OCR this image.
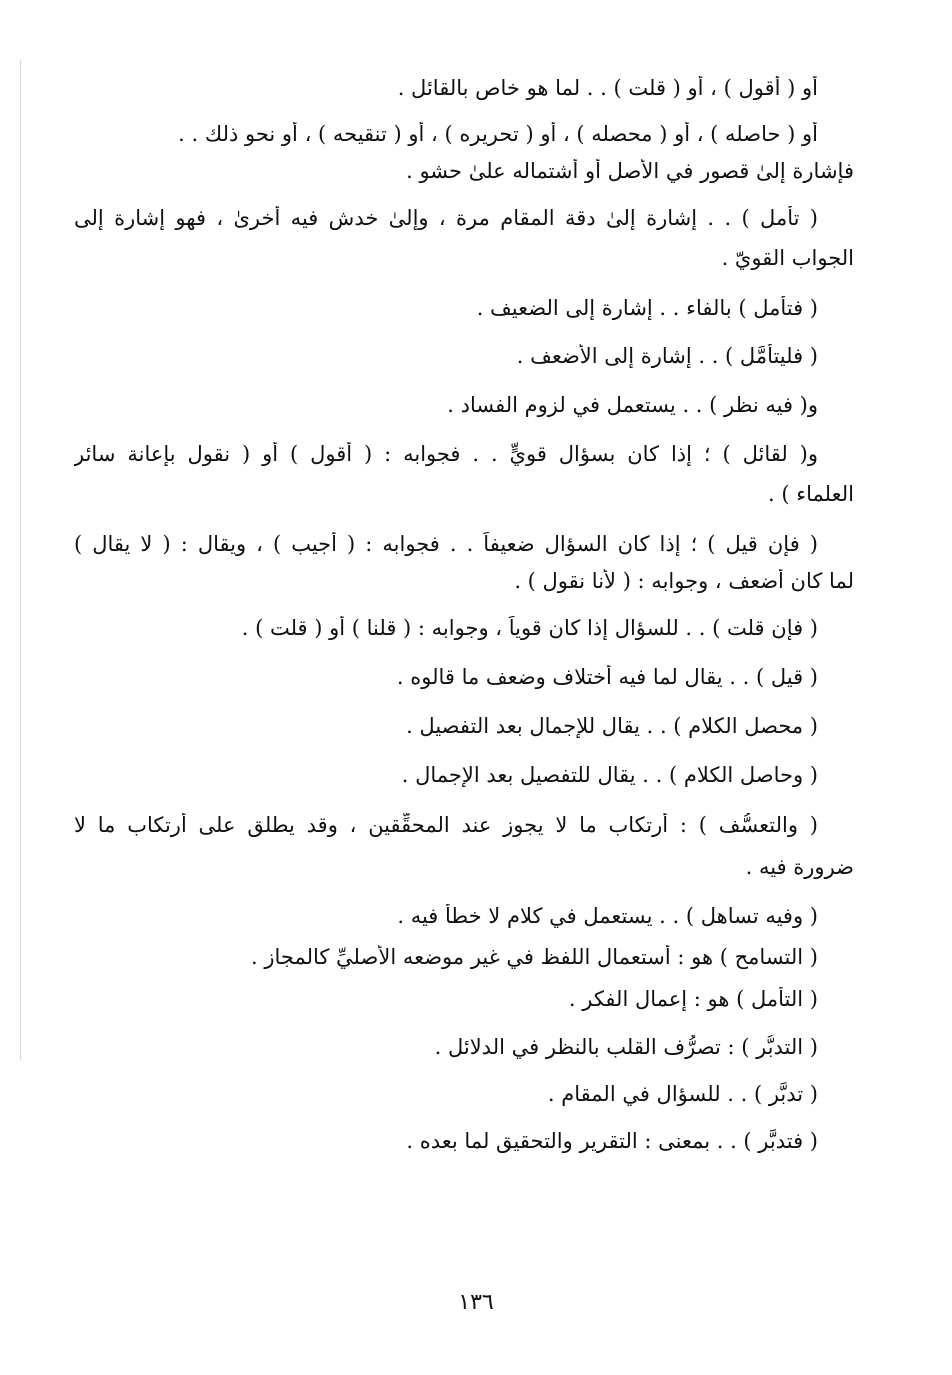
أو ( أقول ) ، أو ( قلت ) . . لما هو خاص بالقائل .
أو ( حاصله ) ، أو ( محصله ) ، أو ( تحريره ) ، أو ( تنقيحه ) ، أو نحو ذلك . .
فإشارة إلىٰ قصور في الأصل أو أشتماله علىٰ حشو .
( تأمل ) . . إشارة إلىٰ دقة المقام مرة ، وإلىٰ خدش فيه أخرىٰ ، فهو إشارة إلى
الجواب القويّ .
( فتأمل ) بالفاء . . إشارة إلى الضعيف .
( فليتأمَّل ) . . إشارة إلى الأضعف .
و( فيه نظر ) . . يستعمل في لزوم الفساد .
و( لقائل ) ؛ إذا كان بسؤال قويٍّ . . فجوابه : ( أقول ) أو ( نقول بإعانة سائر
العلماء ) .
( فإن قيل ) ؛ إذا كان السؤال ضعيفاً . . فجوابه : ( أجيب ) ، ويقال : ( لا يقال )
لما كان أضعف ، وجوابه : ( لأنا نقول ) .
( فإن قلت ) . . للسؤال إذا كان قوياً ، وجوابه : ( قلنا ) أو ( قلت ) .
( قيل ) . . يقال لما فيه أختلاف وضعف ما قالوه .
( محصل الكلام ) . . يقال للإجمال بعد التفصيل .
( وحاصل الكلام ) . . يقال للتفصيل بعد الإجمال .
( والتعسُّف ) : أرتكاب ما لا يجوز عند المحقِّقين ، وقد يطلق على أرتكاب ما لا
ضرورة فيه .
( وفيه تساهل ) . . يستعمل في كلامٍ لا خطأ فيه .
( التسامح ) هو : أستعمال اللفظ في غير موضعه الأصليِّ كالمجاز .
( التأمل ) هو : إعمال الفكر .
( التدبُّر ) : تصرُّف القلب بالنظر في الدلائل .
( تدبَّر ) . . للسؤال في المقام .
( فتدبَّر ) . . بمعنى : التقرير والتحقيق لما بعده .
١٣٦
